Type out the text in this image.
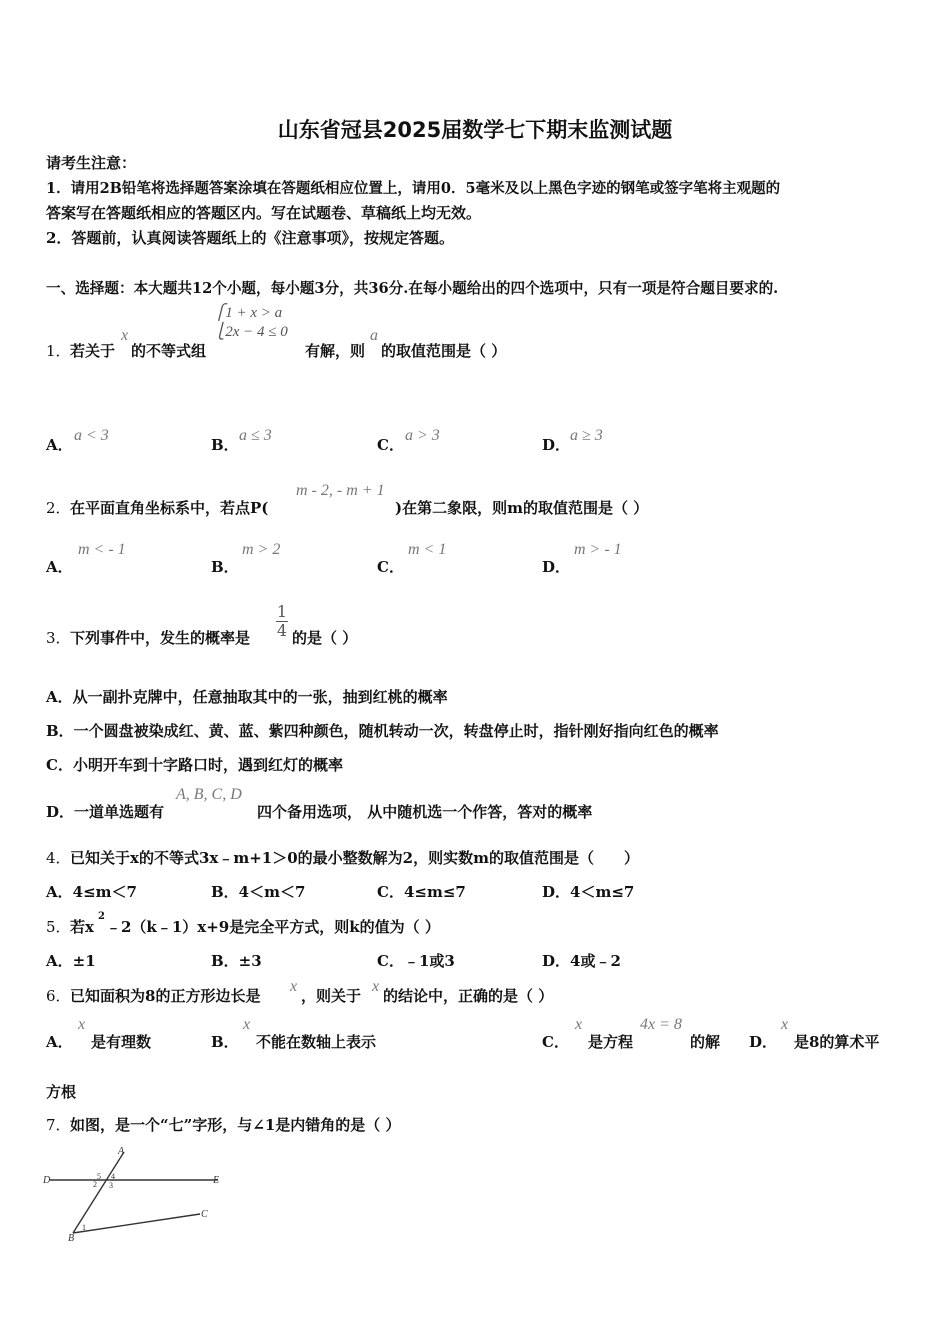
山东省冠县2025届数学七下期末监测试题
请考生注意：
1．请用2B铅笔将选择题答案涂填在答题纸相应位置上，请用0．5毫米及以上黑色字迹的钢笔或签字笔将主观题的
答案写在答题纸相应的答题区内。写在试题卷、草稿纸上均无效。
2．答题前，认真阅读答题纸上的《注意事项》，按规定答题。
一、选择题：本大题共12个小题，每小题3分，共36分.在每小题给出的四个选项中，只有一项是符合题目要求的.
1． 若关于
x
的不等式组
⎧1 + x > a
⎩2x − 4 ≤ 0
有解，则
a
的取值范围是（ ）
A．
a < 3
B．
a ≤ 3
C．
a > 3
D．
a ≥ 3
2． 在平面直角坐标系中，若点P(
m - 2, - m + 1
)在第二象限，则m的取值范围是（ ）
A．
m < - 1
B．
m > 2
C．
m < 1
D．
m > - 1
3． 下列事件中，发生的概率是
1
4 的是（ ）
A．从一副扑克牌中，任意抽取其中的一张，抽到红桃的概率
B．一个圆盘被染成红、黄、蓝、紫四种颜色，随机转动一次，转盘停止时，指针刚好指向红色的概率
C．小明开车到十字路口时，遇到红灯的概率
D．一道单选题有
A, B, C, D
四个备用选项， 从中随机选一个作答，答对的概率
4． 已知关于x的不等式3x﹣m+1＞0的最小整数解为2，则实数m的取值范围是（　　）
A．4≤m＜7	B．4＜m＜7	C．4≤m≤7	D．4＜m≤7
5． 若x
2
﹣2（k﹣1）x+9是完全平方式，则k的值为（ ）
A．±1	B．±3	C．﹣1或3	D．4或﹣2
6． 已知面积为8的正方形边长是
x
，则关于
x
的结论中，正确的是（ ）
A．
x
是有理数	B．
x
不能在数轴上表示	C．
x
是方程
4x = 8
的解 D．
x
是8的算术平
方根
7． 如图，是一个“七”字形，与∠1是内错角的是（ ）
A
B
C
D	E
1
2 3
4
5
